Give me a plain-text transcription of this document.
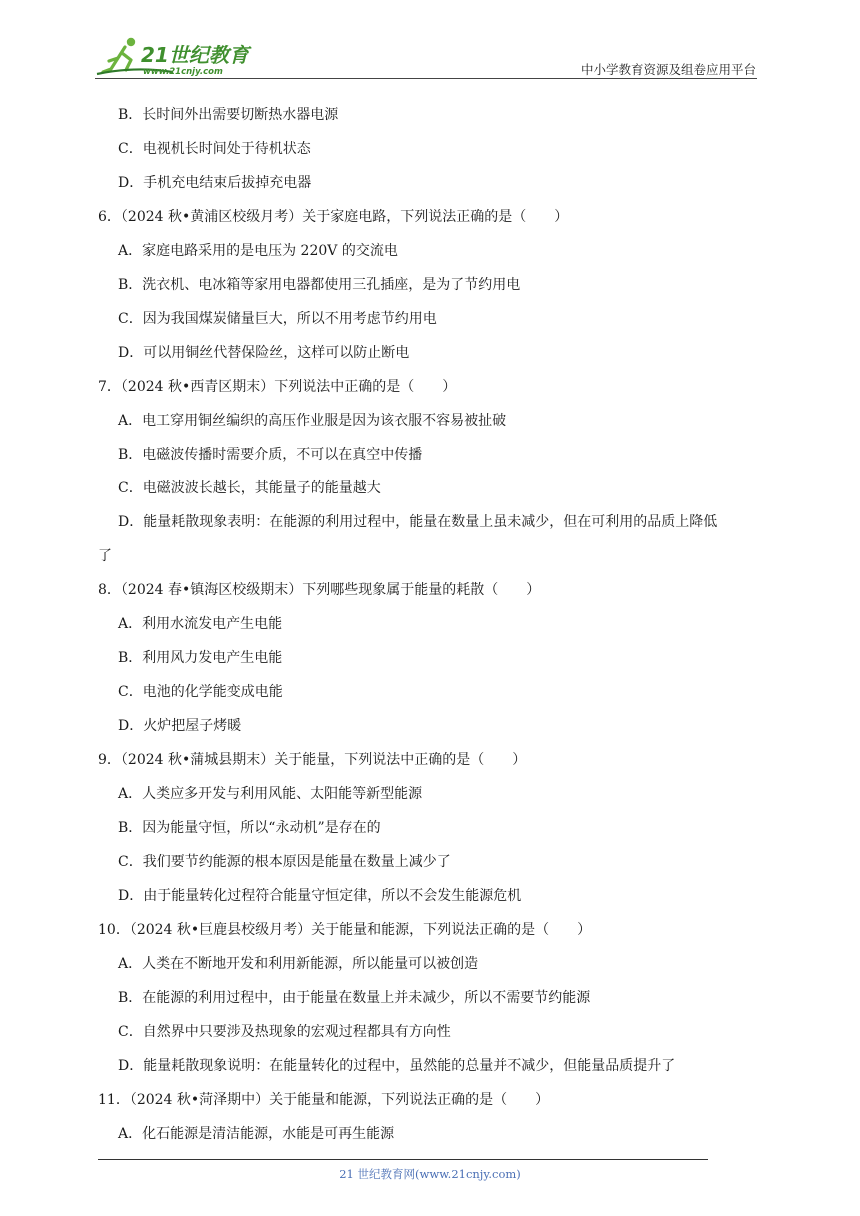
21世纪教育
www.21cnjy.com	中小学教育资源及组卷应用平台
B．长时间外出需要切断热水器电源
C．电视机长时间处于待机状态
D．手机充电结束后拔掉充电器
6．（2024 秋•黄浦区校级月考）关于家庭电路，下列说法正确的是（　　）
A．家庭电路采用的是电压为 220V 的交流电
B．洗衣机、电冰箱等家用电器都使用三孔插座，是为了节约用电
C．因为我国煤炭储量巨大，所以不用考虑节约用电
D．可以用铜丝代替保险丝，这样可以防止断电
7．（2024 秋•西青区期末）下列说法中正确的是（　　）
A．电工穿用铜丝编织的高压作业服是因为该衣服不容易被扯破
B．电磁波传播时需要介质，不可以在真空中传播
C．电磁波波长越长，其能量子的能量越大
D．能量耗散现象表明：在能源的利用过程中，能量在数量上虽未减少，但在可利用的品质上降低
了
8．（2024 春•镇海区校级期末）下列哪些现象属于能量的耗散（　　）
A．利用水流发电产生电能
B．利用风力发电产生电能
C．电池的化学能变成电能
D．火炉把屋子烤暖
9．（2024 秋•蒲城县期末）关于能量，下列说法中正确的是（　　）
A．人类应多开发与利用风能、太阳能等新型能源
B．因为能量守恒，所以“永动机”是存在的
C．我们要节约能源的根本原因是能量在数量上减少了
D．由于能量转化过程符合能量守恒定律，所以不会发生能源危机
10．（2024 秋•巨鹿县校级月考）关于能量和能源，下列说法正确的是（　　）
A．人类在不断地开发和利用新能源，所以能量可以被创造
B．在能源的利用过程中，由于能量在数量上并未减少，所以不需要节约能源
C．自然界中只要涉及热现象的宏观过程都具有方向性
D．能量耗散现象说明：在能量转化的过程中，虽然能的总量并不减少，但能量品质提升了
11．（2024 秋•菏泽期中）关于能量和能源，下列说法正确的是（　　）
A．化石能源是清洁能源，水能是可再生能源
21 世纪教育网(www.21cnjy.com)
